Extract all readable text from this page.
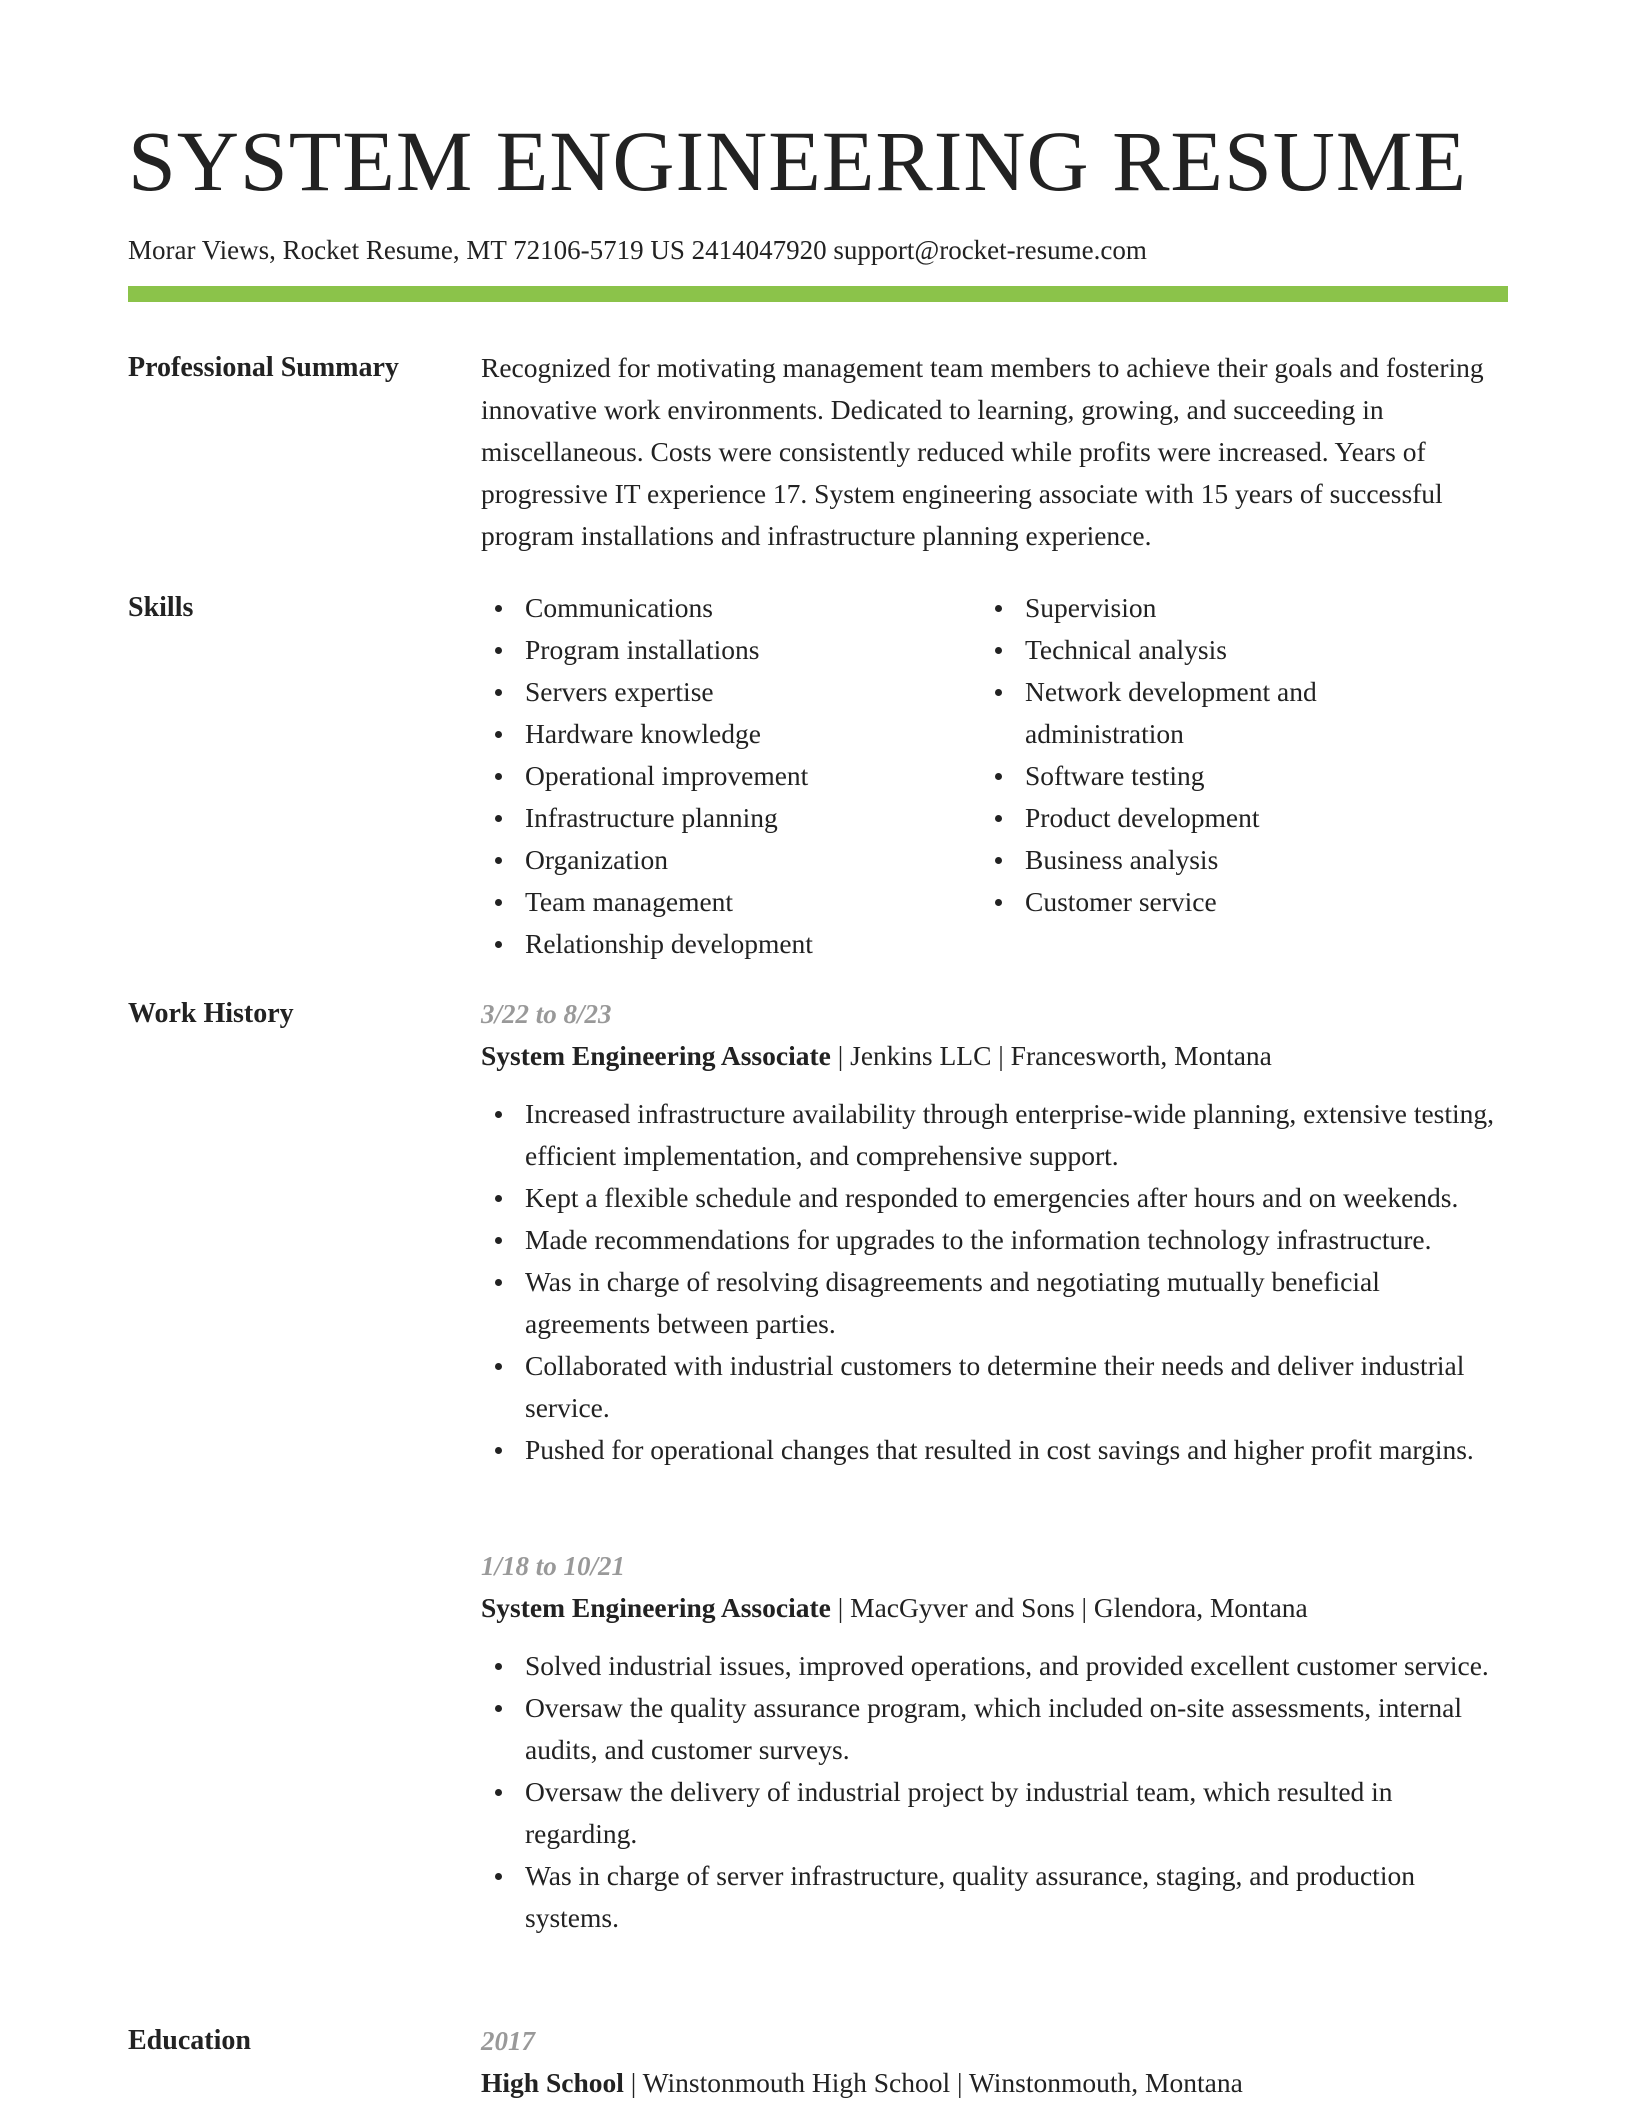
SYSTEM ENGINEERING RESUME
Morar Views, Rocket Resume, MT 72106-5719 US 2414047920 support@rocket-resume.com
Professional Summary	Recognized for motivating management team members to achieve their goals and fostering innovative work environments. Dedicated to learning, growing, and succeeding in miscellaneous. Costs were consistently reduced while profits were increased. Years of progressive IT experience 17. System engineering associate with 15 years of successful program installations and infrastructure planning experience.

Skills	Communications
Program installations
Servers expertise
Hardware knowledge
Operational improvement
Infrastructure planning
Organization
Team management
Relationship development
Supervision
Technical analysis
Network development and administration
Software testing
Product development
Business analysis
Customer service
Work History	3/22 to 8/23
System Engineering Associate | Jenkins LLC | Francesworth, Montana
Increased infrastructure availability through enterprise-wide planning, extensive testing, efficient implementation, and comprehensive support.
Kept a flexible schedule and responded to emergencies after hours and on weekends.
Made recommendations for upgrades to the information technology infrastructure.
Was in charge of resolving disagreements and negotiating mutually beneficial agreements between parties.
Collaborated with industrial customers to determine their needs and deliver industrial service.
Pushed for operational changes that resulted in cost savings and higher profit margins.
1/18 to 10/21
System Engineering Associate | MacGyver and Sons | Glendora, Montana
Solved industrial issues, improved operations, and provided excellent customer service.
Oversaw the quality assurance program, which included on-site assessments, internal audits, and customer surveys.
Oversaw the delivery of industrial project by industrial team, which resulted in regarding.
Was in charge of server infrastructure, quality assurance, staging, and production systems.
Education	2017
High School | Winstonmouth High School | Winstonmouth, Montana
